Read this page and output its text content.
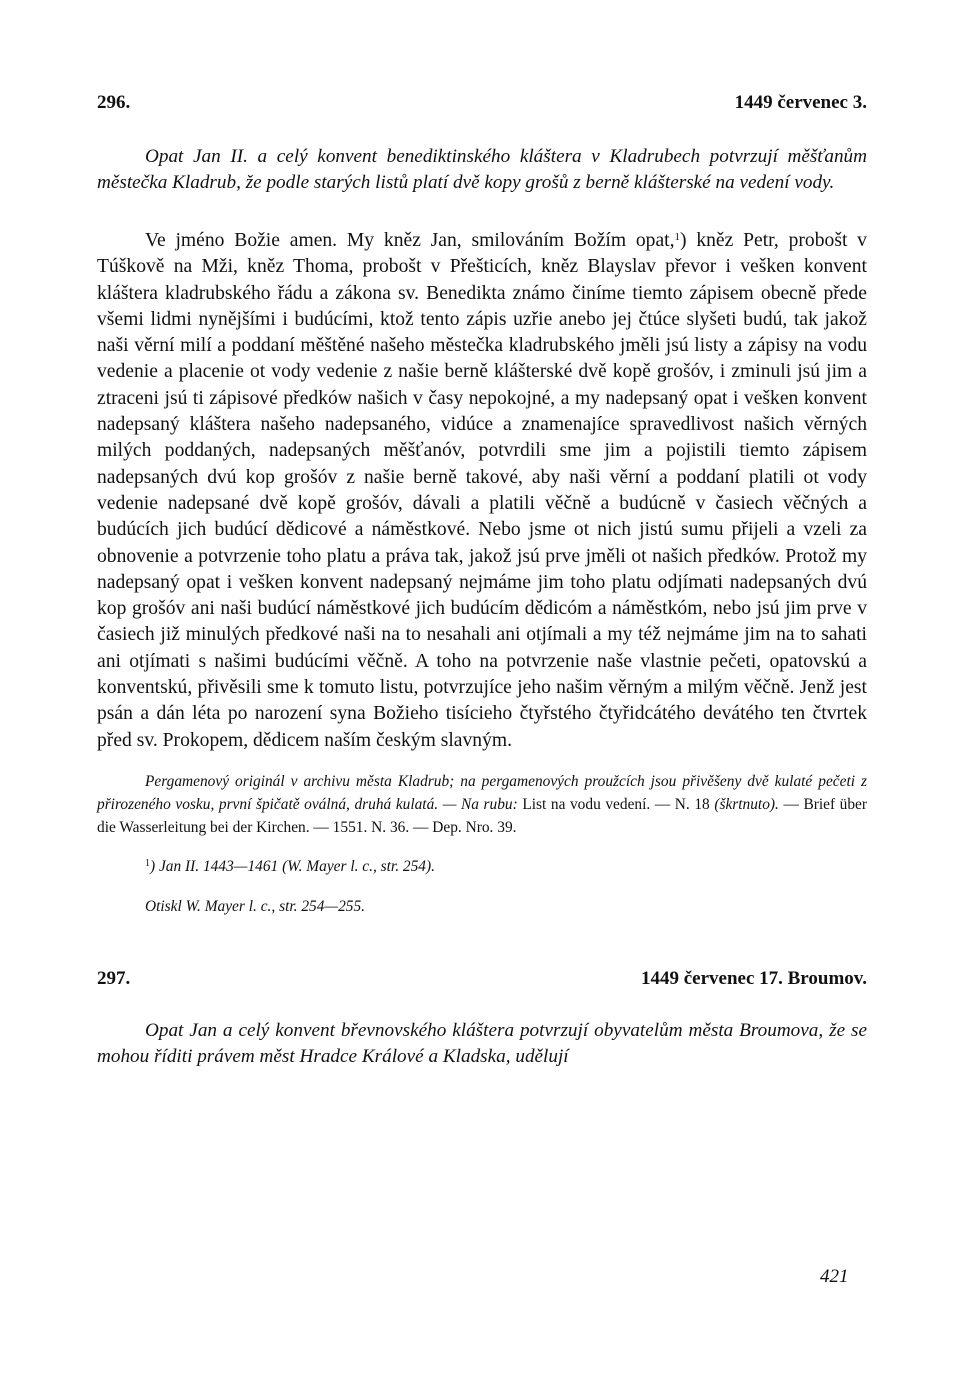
296.	1449 červenec 3.

Opat Jan II. a celý konvent benediktinského kláštera v Kladrubech potvrzují měšťanům městečka Kladrub, že podle starých listů platí dvě kopy grošů z berně klášterské na vedení vody.

Ve jméno Božie amen. My kněz Jan, smilováním Božím opat,$^1$) kněz Petr, probošt v Túškově na Mži, kněz Thoma, probošt v Přešticích, kněz Blayslav převor i vešken konvent kláštera kladrubského řádu a zákona sv. Benedikta známo činíme tiemto zápisem obecně přede všemi lidmi nynějšími i budúcími, ktož tento zápis uzřie anebo jej čtúce slyšeti budú, tak jakož naši věrní milí a poddaní měštěné našeho městečka kladrubského jměli jsú listy a zápisy na vodu vedenie a placenie ot vody vedenie z našie berně klášterské dvě kopě grošóv, i zminuli jsú jim a ztraceni jsú ti zápisové předków našich v časy nepokojné, a my nadepsaný opat i vešken konvent nadepsaný kláštera našeho nadepsaného, vidúce a znamenajíce spravedlivost našich věrných milých poddaných, nadepsaných měšťanóv, potvrdili sme jim a pojistili tiemto zápisem nadepsaných dvú kop grošóv z našie berně takové, aby naši věrní a poddaní platili ot vody vedenie nadepsané dvě kopě grošóv, dávali a platili věčně a budúcně v časiech věčných a budúcích jich budúcí dědicové a náměstkové. Nebo jsme ot nich jistú sumu přijeli a vzeli za obnovenie a potvrzenie toho platu a práva tak, jakož jsú prve jměli ot našich předków. Protož my nadepsaný opat i vešken konvent nadepsaný nejmáme jim toho platu odjímati nadepsaných dvú kop grošóv ani naši budúcí náměstkové jich budúcím dědicóm a náměstkóm, nebo jsú jim prve v časiech již minulých předkové naši na to nesahali ani otjímali a my též nejmáme jim na to sahati ani otjímati s našimi budúcími věčně. A toho na potvrzenie naše vlastnie pečeti, opatovskú a konventskú, přivěsili sme k tomuto listu, potvrzujíce jeho našim věrným a milým věčně. Jenž jest psán a dán léta po narození syna Božieho tisícieho čtyřstého čtyřidcátého devátého ten čtvrtek před sv. Prokopem, dědicem naším českým slavným.

Pergamenový originál v archivu města Kladrub; na pergamenových proužcích jsou přivěšeny dvě kulaté pečeti z přirozeného vosku, první špičatě oválná, druhá kulatá. — Na rubu: List na vodu vedení. — N. 18 (škrtnuto). — Brief über die Wasserleitung bei der Kirchen. — 1551. N. 36. — Dep. Nro. 39.

$^1$) Jan II. 1443—1461 (W. Mayer l. c., str. 254).

Otiskl W. Mayer l. c., str. 254—255.

297.	1449 červenec 17. Broumov.

Opat Jan a celý konvent břevnovského kláštera potvrzují obyvatelům města Broumova, že se mohou říditi právem měst Hradce Králové a Kladska, udělují

421
